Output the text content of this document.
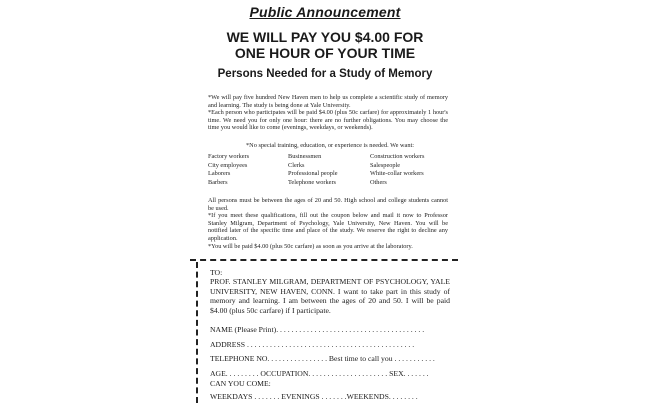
Public Announcement
WE WILL PAY YOU $4.00 FOR
ONE HOUR OF YOUR TIME
Persons Needed for a Study of Memory
*We will pay five hundred New Haven men to help us complete a scientific study of memory and learning. The study is being done at Yale University.
*Each person who participates will be paid $4.00 (plus 50c carfare) for approximately 1 hour's time. We need you for only one hour: there are no further obligations. You may choose the time you would like to come (evenings, weekdays, or weekends).
*No special training, education, or experience is needed. We want:
Factory workers	Businessmen	Construction workers
City employees	Clerks	Salespeople
Laborers	Professional people	White-collar workers
Barbers	Telephone workers	Others
All persons must be between the ages of 20 and 50. High school and college students cannot be used.
*If you meet these qualifications, fill out the coupon below and mail it now to Professor Stanley Milgram, Department of Psychology, Yale University, New Haven. You will be notified later of the specific time and place of the study. We reserve the right to decline any application.
*You will be paid $4.00 (plus 50c carfare) as soon as you arrive at the laboratory.
TO:
PROF. STANLEY MILGRAM, DEPARTMENT OF PSYCHOLOGY, YALE UNIVERSITY, NEW HAVEN, CONN. I want to take part in this study of memory and learning. I am between the ages of 20 and 50. I will be paid $4.00 (plus 50c carfare) if I participate.
NAME (Please Print). . . . . . . . . . . . . . . . . . . . . . . . . . . . . . . . . . . . . . .
ADDRESS . . . . . . . . . . . . . . . . . . . . . . . . . . . . . . . . . . . . . . . . . . . .
TELEPHONE NO. . . . . . . . . . . . . . . . Best time to call you . . . . . . . . . . .
AGE. . . . . . . . . OCCUPATION. . . . . . . . . . . . . . . . . . . . . SEX. . . . . . .
CAN YOU COME:
WEEKDAYS . . . . . . . EVENINGS . . . . . . .WEEKENDS. . . . . . . .
